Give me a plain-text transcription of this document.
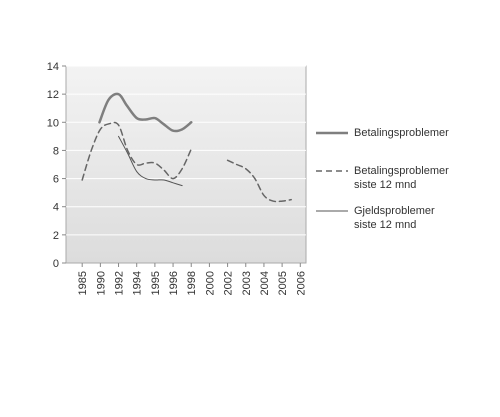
0
2
4
6
8
10
12
14
1985 1990 1992 1994 1995 1996 1998 2000 2002 2003 2004 2005 2006
Betalingsproblemer
Betalingsproblemer
siste 12 mnd
Gjeldsproblemer
siste 12 mnd
